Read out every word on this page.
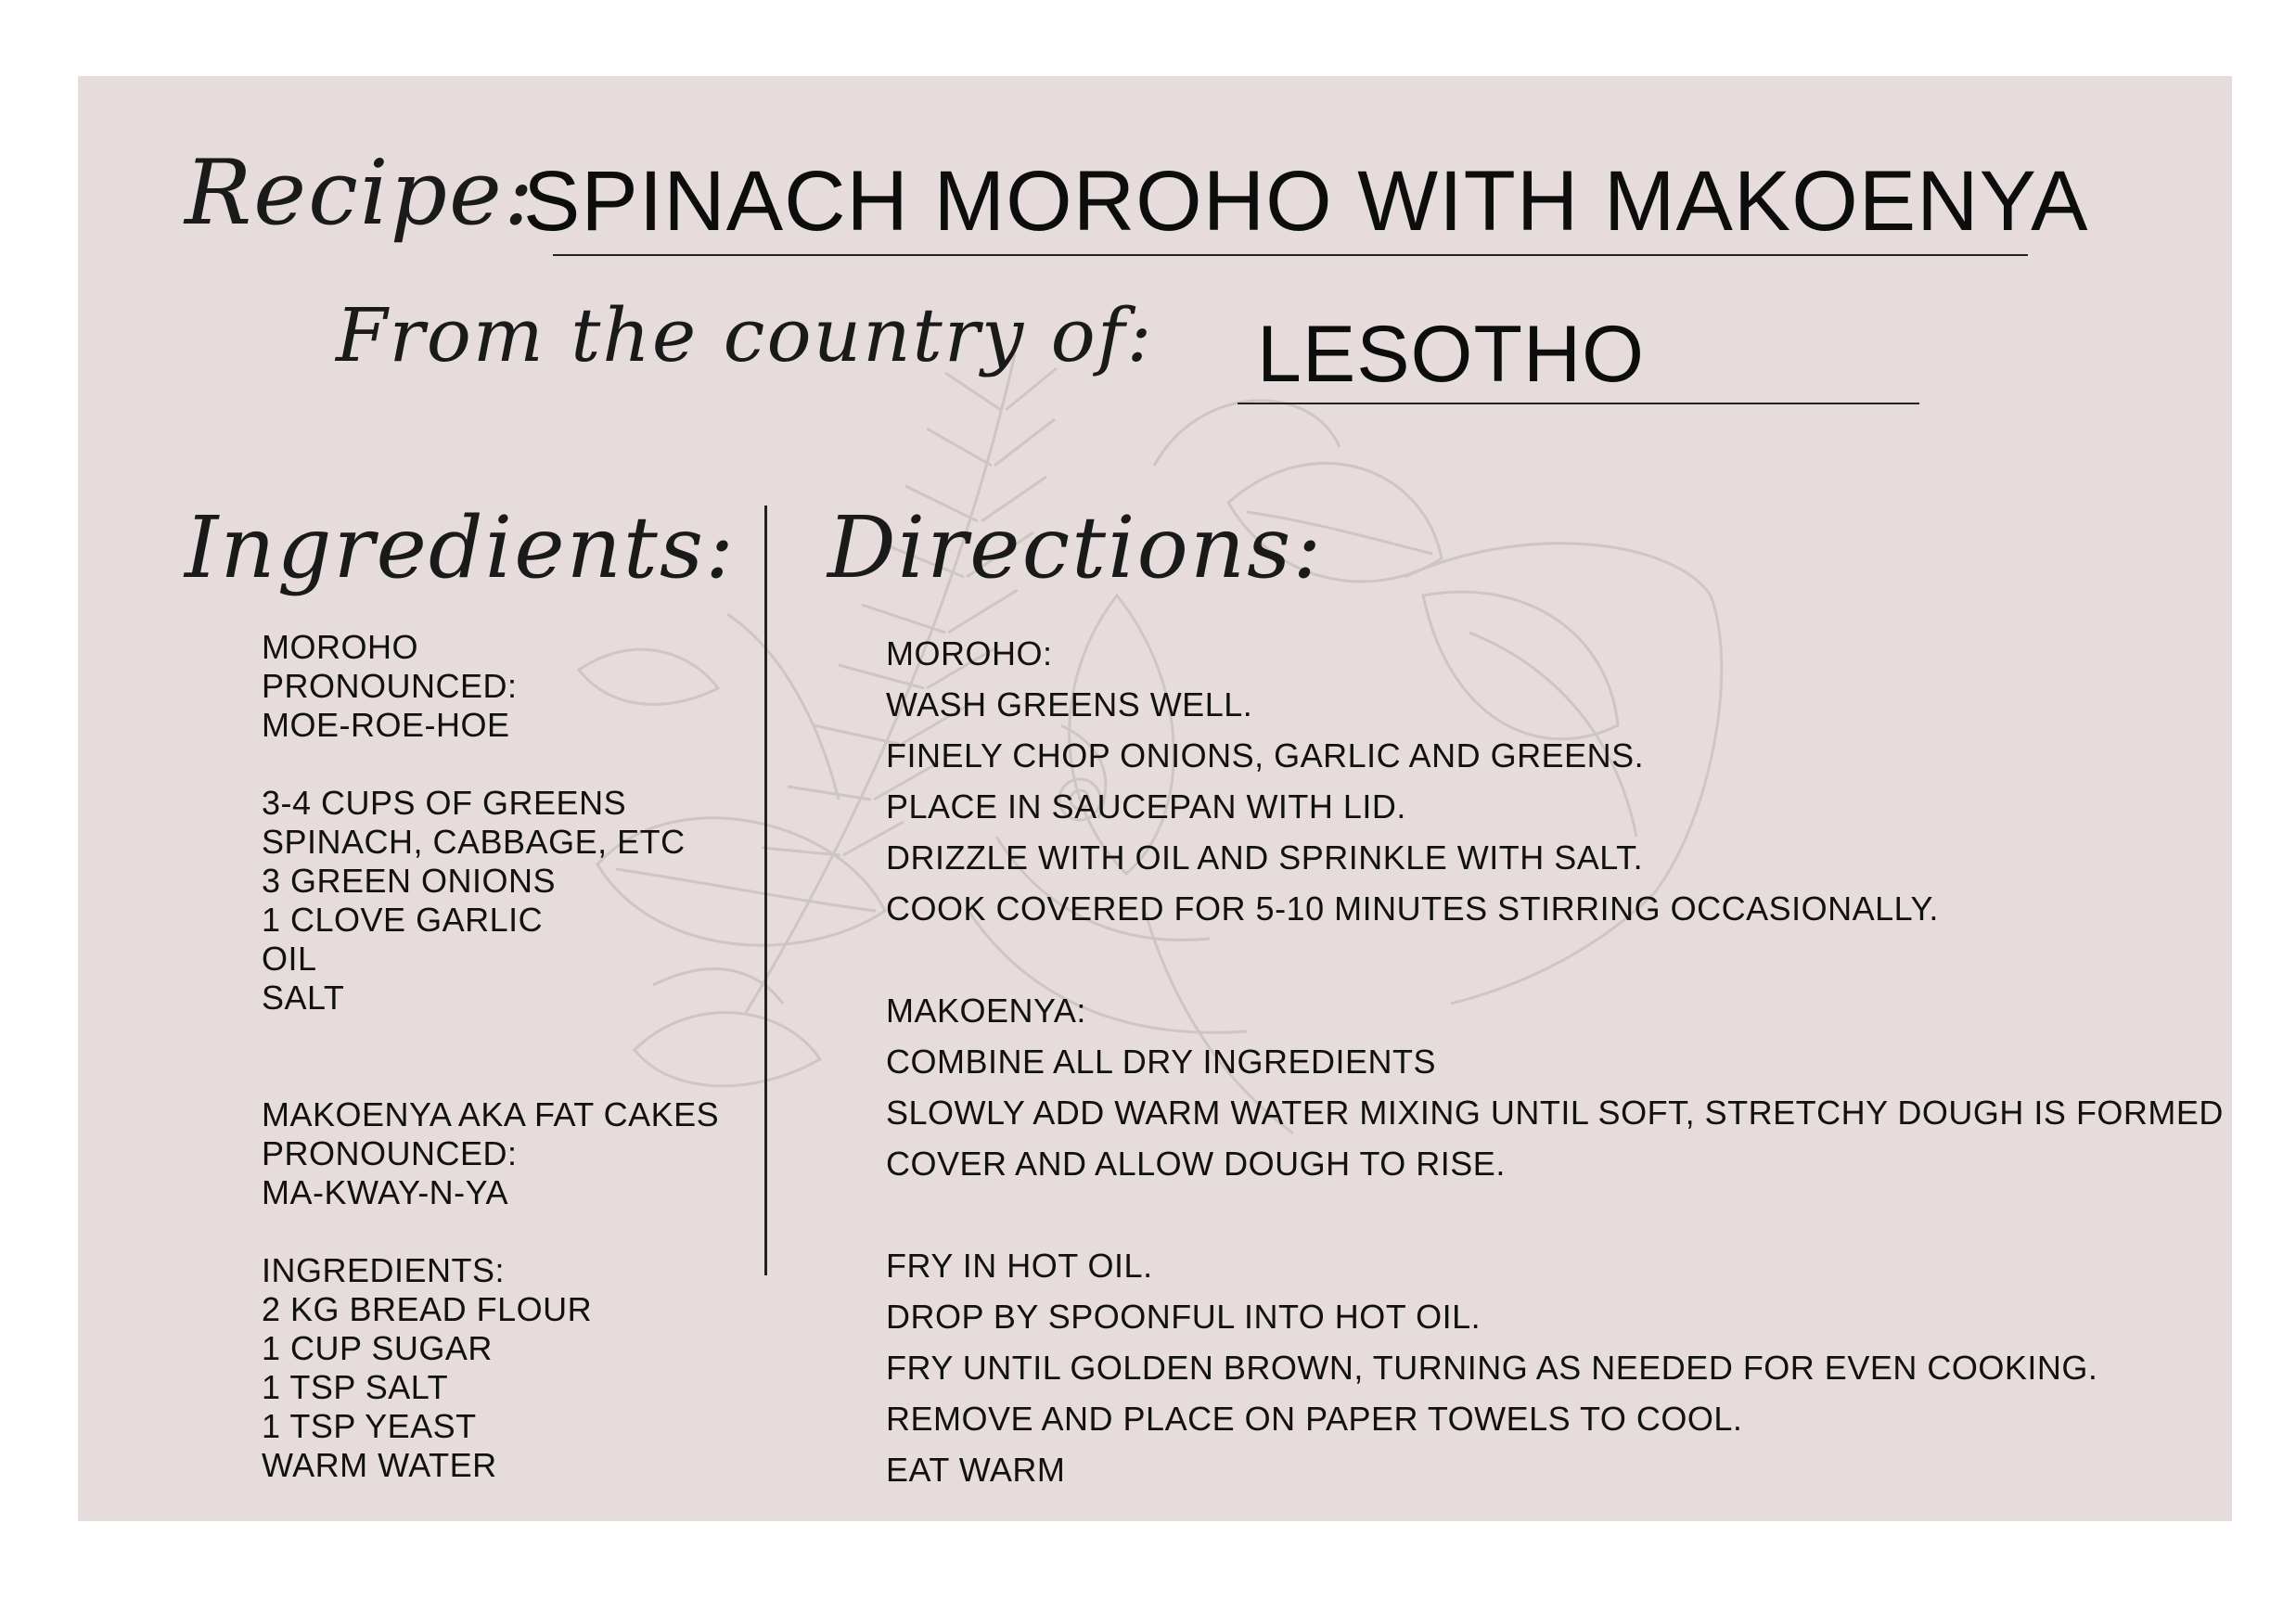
Recipe:
SPINACH MOROHO WITH MAKOENYA
From the country of:	LESOTHO
Ingredients: Directions:
MOROHO
PRONOUNCED:
MOE-ROE-HOE
3-4 CUPS OF GREENS
SPINACH, CABBAGE, ETC
3 GREEN ONIONS
1 CLOVE GARLIC
OIL
SALT
MAKOENYA AKA FAT CAKES
PRONOUNCED:
MA-KWAY-N-YA
INGREDIENTS:
2 KG BREAD FLOUR
1 CUP SUGAR
1 TSP SALT
1 TSP YEAST
WARM WATER
MOROHO:
WASH GREENS WELL.
FINELY CHOP ONIONS, GARLIC AND GREENS.
PLACE IN SAUCEPAN WITH LID.
DRIZZLE WITH OIL AND SPRINKLE WITH SALT.
COOK COVERED FOR 5-10 MINUTES STIRRING OCCASIONALLY.
MAKOENYA:
COMBINE ALL DRY INGREDIENTS
SLOWLY ADD WARM WATER MIXING UNTIL SOFT, STRETCHY DOUGH IS FORMED
COVER AND ALLOW DOUGH TO RISE.
FRY IN HOT OIL.
DROP BY SPOONFUL INTO HOT OIL.
FRY UNTIL GOLDEN BROWN, TURNING AS NEEDED FOR EVEN COOKING.
REMOVE AND PLACE ON PAPER TOWELS TO COOL.
EAT WARM
